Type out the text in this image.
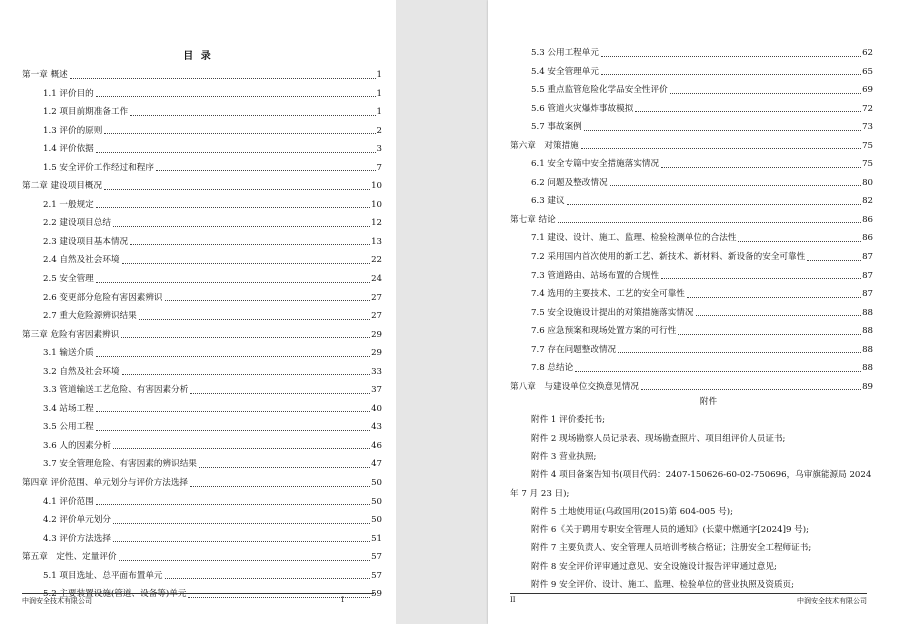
目 录
第一章 概述	1
1.1 评价目的	1
1.2 项目前期准备工作	1
1.3 评价的原则	2
1.4 评价依据	3
1.5 安全评价工作经过和程序	7
第二章 建设项目概况	10
2.1 一般规定	10
2.2 建设项目总结	12
2.3 建设项目基本情况	13
2.4 自然及社会环境	22
2.5 安全管理	24
2.6 变更部分危险有害因素辨识	27
2.7 重大危险源辨识结果	27
第三章 危险有害因素辨识	29
3.1 输送介质	29
3.2 自然及社会环境	33
3.3 管道输送工艺危险、有害因素分析	37
3.4 站场工程	40
3.5 公用工程	43
3.6 人的因素分析	46
3.7 安全管理危险、有害因素的辨识结果	47
第四章 评价范围、单元划分与评价方法选择	50
4.1 评价范围	50
4.2 评价单元划分	50
4.3 评价方法选择	51
第五章　定性、定量评价	57
5.1 项目选址、总平面布置单元	57
5.2 主要装置设施(管道、设备等)单元	59
中润安全技术有限公司	I
5.3 公用工程单元	62
5.4 安全管理单元	65
5.5 重点监管危险化学品安全性评价	69
5.6 管道火灾爆炸事故模拟	72
5.7 事故案例	73
第六章　对策措施	75
6.1 安全专篇中安全措施落实情况	75
6.2 问题及整改情况	80
6.3 建议	82
第七章 结论	86
7.1 建设、设计、施工、监理、检验检测单位的合法性	86
7.2 采用国内首次使用的新工艺、新技术、新材料、新设备的安全可靠性	87
7.3 管道路由、站场布置的合规性	87
7.4 选用的主要技术、工艺的安全可靠性	87
7.5 安全设施设计提出的对策措施落实情况	88
7.6 应急预案和现场处置方案的可行性	88
7.7 存在问题整改情况	88
7.8 总结论	88
第八章　与建设单位交换意见情况	89
附件
附件 1 评价委托书;
附件 2 现场勘察人员记录表、现场勘查照片、项目组评价人员证书;
附件 3 营业执照;
附件 4 项目备案告知书(项目代码：2407-150626-60-02-750696，乌审旗能源局 2024
年 7 月 23 日);
附件 5 土地使用证(乌政国用(2015)第 604-005 号);
附件 6《关于聘用专职安全管理人员的通知》(长蒙中燃通字[2024]9 号);
附件 7 主要负责人、安全管理人员培训考核合格证；注册安全工程师证书;
附件 8 安全评价评审通过意见、安全设施设计报告评审通过意见;
附件 9 安全评价、设计、施工、监理、检验单位的营业执照及资质页;
II	中润安全技术有限公司
